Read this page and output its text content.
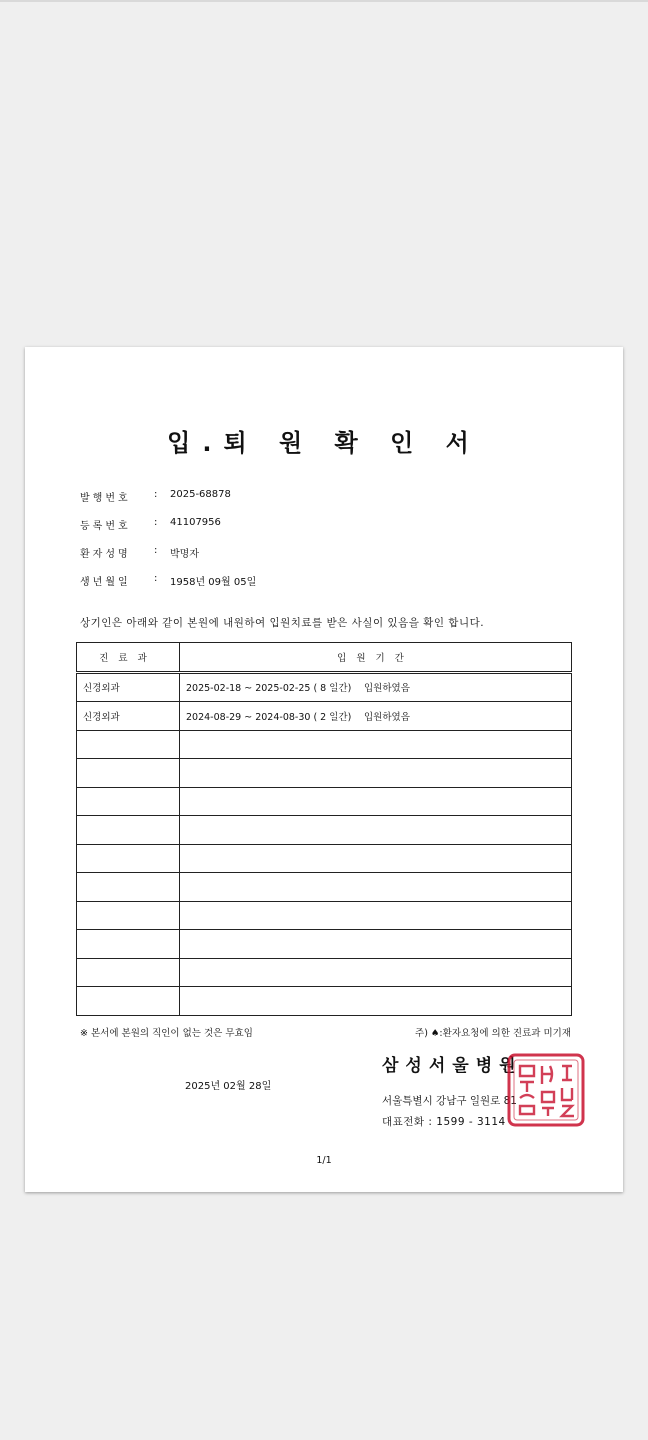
입.퇴 원 확 인 서
발행번호	:	2025-68878
등록번호	:	41107956
환자성명	:	박명자
생년월일	:	1958년 09월 05일
상기인은 아래와 같이 본원에 내원하여 입원치료를 받은 사실이 있음을 확인 합니다.
진료과	입원기간
신경외과	2025-02-18 ~ 2025-02-25 ( 8 일간) 입원하였음
신경외과	2024-08-29 ~ 2024-08-30 ( 2 일간) 입원하였음

※ 본서에 본원의 직인이 없는 것은 무효임	주) ♠:환자요청에 의한 진료과 미기재
2025년 02월 28일
삼성서울병원
서울특별시 강남구 일원로 81
대표전화 : 1599 - 3114
1/1
